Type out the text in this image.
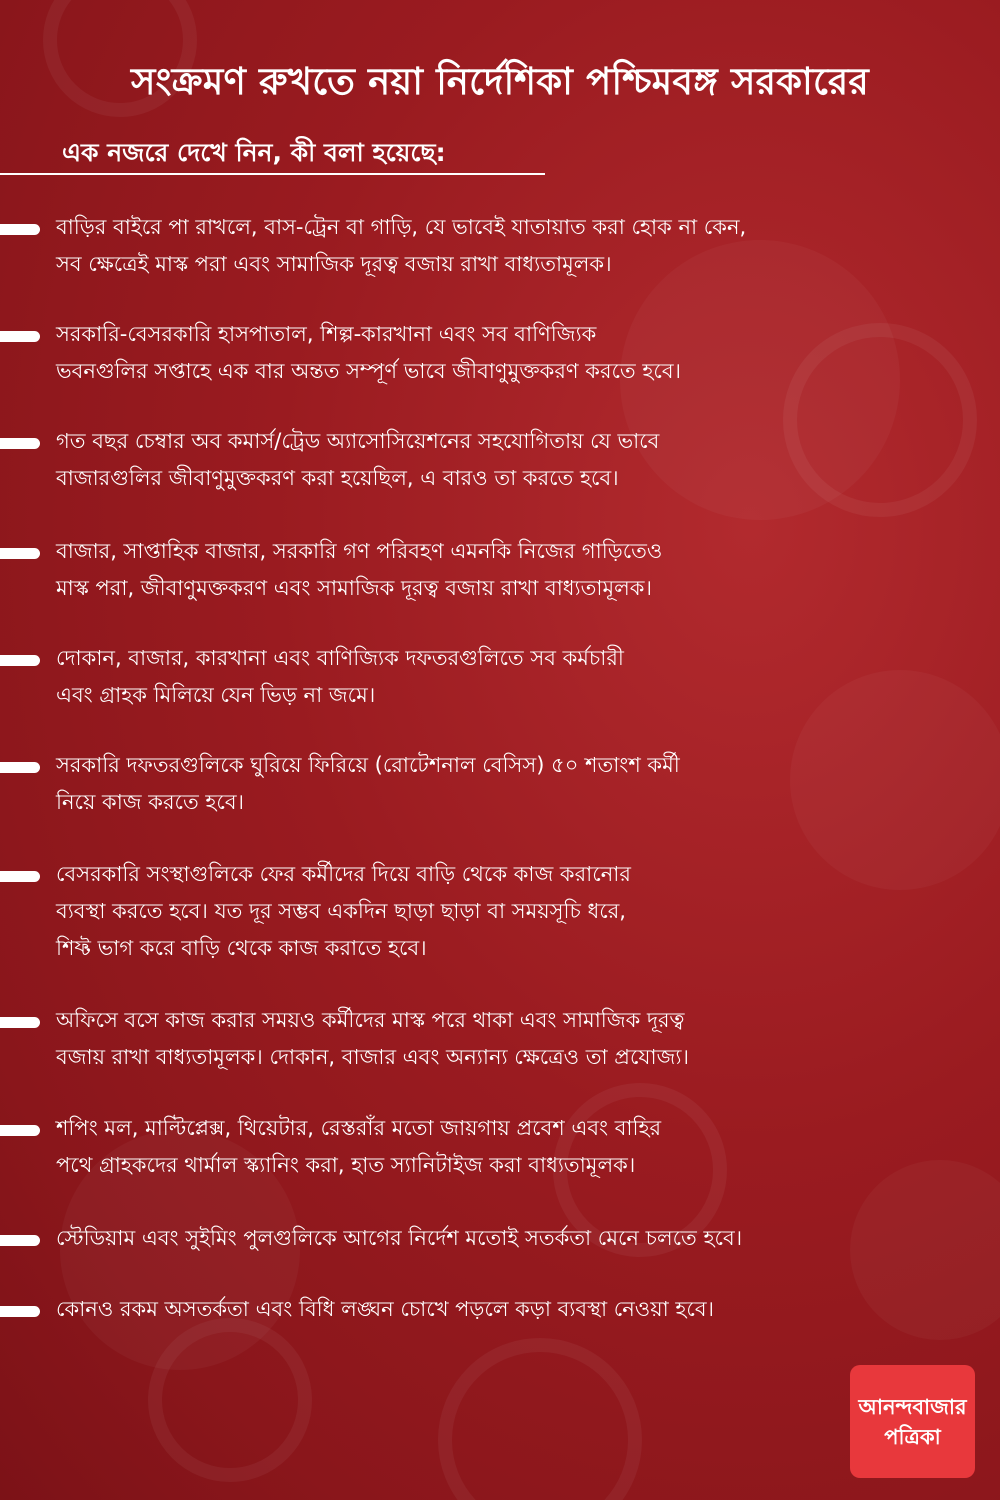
সংক্রমণ রুখতে নয়া নির্দেশিকা পশ্চিমবঙ্গ সরকারের
এক নজরে দেখে নিন, কী বলা হয়েছে:
বাড়ির বাইরে পা রাখলে, বাস-ট্রেন বা গাড়ি, যে ভাবেই যাতায়াত করা হোক না কেন,
সব ক্ষেত্রেই মাস্ক পরা এবং সামাজিক দূরত্ব বজায় রাখা বাধ্যতামূলক।
সরকারি-বেসরকারি হাসপাতাল, শিল্প-কারখানা এবং সব বাণিজ্যিক
ভবনগুলির সপ্তাহে এক বার অন্তত সম্পূর্ণ ভাবে জীবাণুমুক্তকরণ করতে হবে।
গত বছর চেম্বার অব কমার্স/ট্রেড অ্যাসোসিয়েশনের সহযোগিতায় যে ভাবে
বাজারগুলির জীবাণুমুক্তকরণ করা হয়েছিল, এ বারও তা করতে হবে।
বাজার, সাপ্তাহিক বাজার, সরকারি গণ পরিবহণ এমনকি নিজের গাড়িতেও
মাস্ক পরা, জীবাণুমক্তকরণ এবং সামাজিক দূরত্ব বজায় রাখা বাধ্যতামূলক।
দোকান, বাজার, কারখানা এবং বাণিজ্যিক দফতরগুলিতে সব কর্মচারী
এবং গ্রাহক মিলিয়ে যেন ভিড় না জমে।
সরকারি দফতরগুলিকে ঘুরিয়ে ফিরিয়ে (রোটেশনাল বেসিস) ৫০ শতাংশ কর্মী
নিয়ে কাজ করতে হবে।
বেসরকারি সংস্থাগুলিকে ফের কর্মীদের দিয়ে বাড়ি থেকে কাজ করানোর
ব্যবস্থা করতে হবে। যত দূর সম্ভব একদিন ছাড়া ছাড়া বা সময়সূচি ধরে,
শিফ্ট ভাগ করে বাড়ি থেকে কাজ করাতে হবে।
অফিসে বসে কাজ করার সময়ও কর্মীদের মাস্ক পরে থাকা এবং সামাজিক দূরত্ব
বজায় রাখা বাধ্যতামূলক। দোকান, বাজার এবং অন্যান্য ক্ষেত্রেও তা প্রযোজ্য।
শপিং মল, মাল্টিপ্লেক্স, থিয়েটার, রেস্তরাঁর মতো জায়গায় প্রবেশ এবং বাহির
পথে গ্রাহকদের থার্মাল স্ক্যানিং করা, হাত স্যানিটাইজ করা বাধ্যতামূলক।
স্টেডিয়াম এবং সুইমিং পুলগুলিকে আগের নির্দেশ মতোই সতর্কতা মেনে চলতে হবে।
কোনও রকম অসতর্কতা এবং বিধি লঙ্ঘন চোখে পড়লে কড়া ব্যবস্থা নেওয়া হবে।
আনন্দবাজার
পত্রিকা
